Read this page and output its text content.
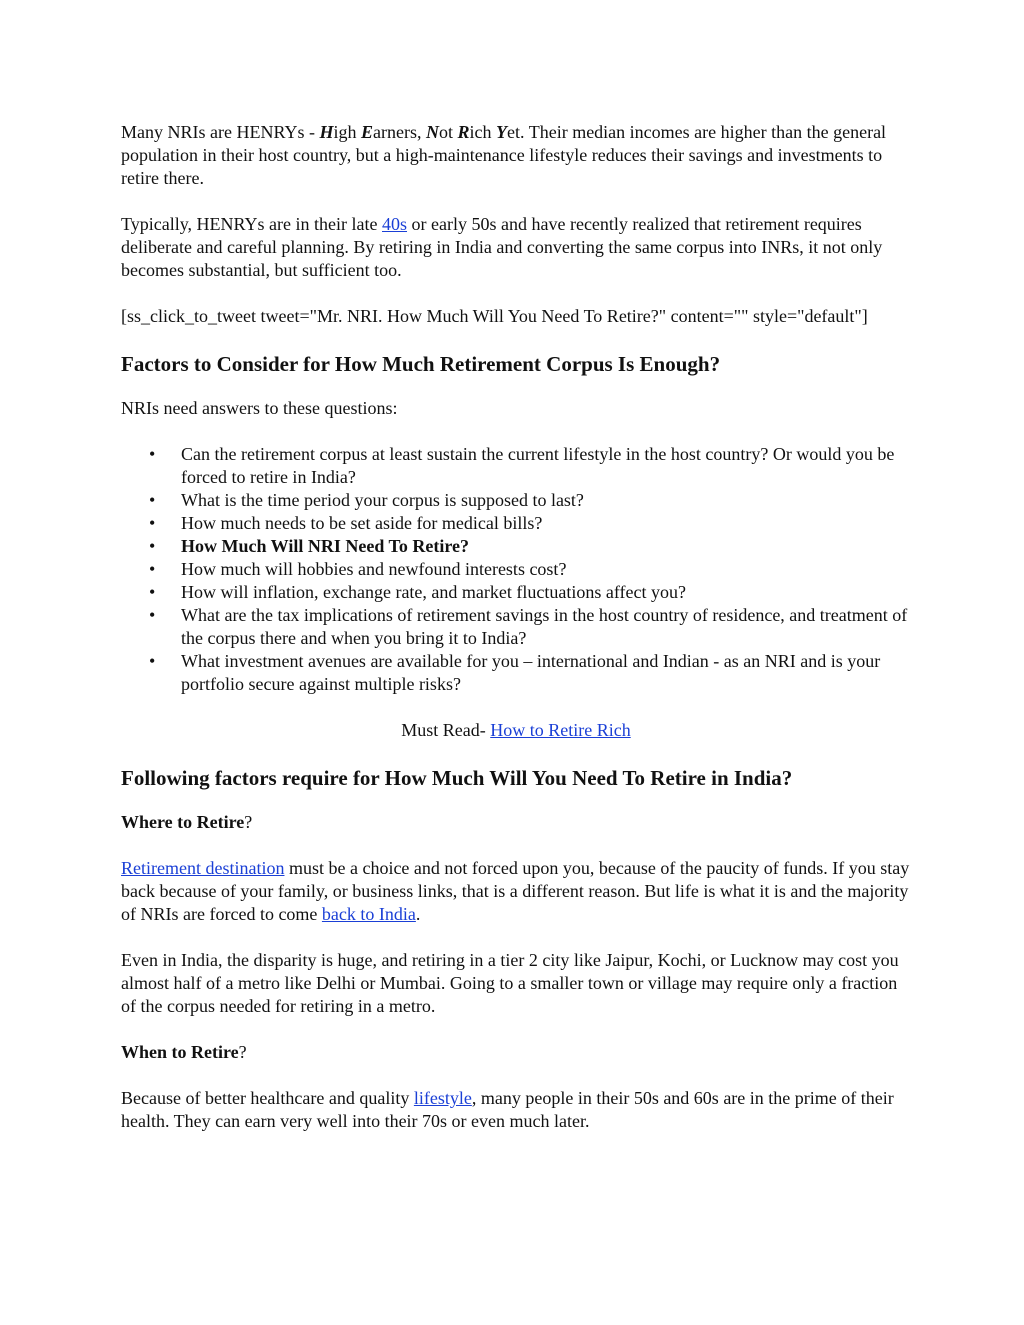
Many NRIs are HENRYs - High Earners, Not Rich Yet. Their median incomes are higher than the general population in their host country, but a high-maintenance lifestyle reduces their savings and investments to retire there.

Typically, HENRYs are in their late 40s or early 50s and have recently realized that retirement requires deliberate and careful planning. By retiring in India and converting the same corpus into INRs, it not only becomes substantial, but sufficient too.

[ss_click_to_tweet tweet="Mr. NRI. How Much Will You Need To Retire?" content="" style="default"]

Factors to Consider for How Much Retirement Corpus Is Enough?

NRIs need answers to these questions:

• Can the retirement corpus at least sustain the current lifestyle in the host country? Or would you be forced to retire in India?
• What is the time period your corpus is supposed to last?
• How much needs to be set aside for medical bills?
• How Much Will NRI Need To Retire?
• How much will hobbies and newfound interests cost?
• How will inflation, exchange rate, and market fluctuations affect you?
• What are the tax implications of retirement savings in the host country of residence, and treatment of the corpus there and when you bring it to India?
• What investment avenues are available for you – international and Indian - as an NRI and is your portfolio secure against multiple risks?

Must Read- How to Retire Rich

Following factors require for How Much Will You Need To Retire in India?

Where to Retire?

Retirement destination must be a choice and not forced upon you, because of the paucity of funds. If you stay back because of your family, or business links, that is a different reason. But life is what it is and the majority of NRIs are forced to come back to India.

Even in India, the disparity is huge, and retiring in a tier 2 city like Jaipur, Kochi, or Lucknow may cost you almost half of a metro like Delhi or Mumbai. Going to a smaller town or village may require only a fraction of the corpus needed for retiring in a metro.

When to Retire?

Because of better healthcare and quality lifestyle, many people in their 50s and 60s are in the prime of their health. They can earn very well into their 70s or even much later.
